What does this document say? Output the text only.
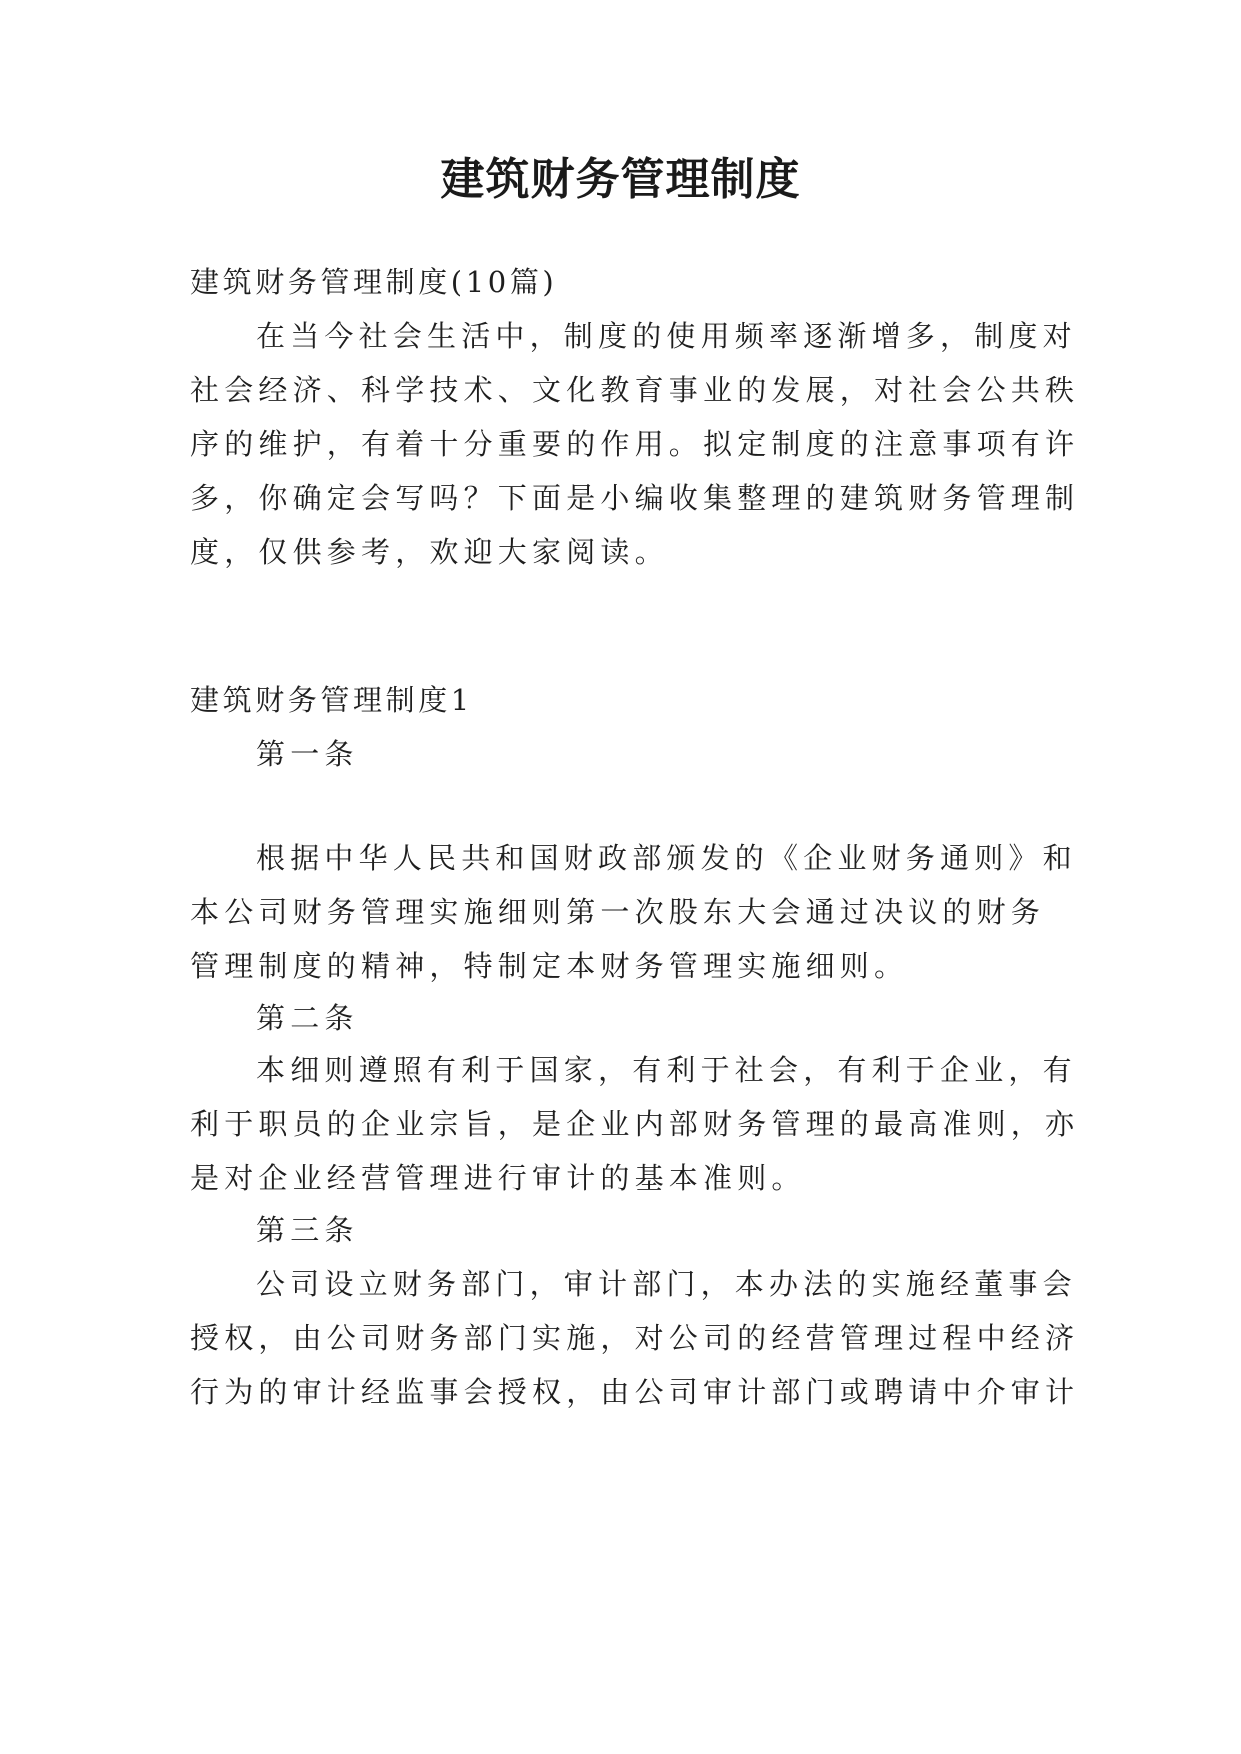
建筑财务管理制度

建筑财务管理制度(10篇)

在当今社会生活中，制度的使用频率逐渐增多，制度对

社会经济、科学技术、文化教育事业的发展，对社会公共秩

序的维护，有着十分重要的作用。拟定制度的注意事项有许

多，你确定会写吗？下面是小编收集整理的建筑财务管理制

度，仅供参考，欢迎大家阅读。

建筑财务管理制度1

第一条

根据中华人民共和国财政部颁发的《企业财务通则》和

本公司财务管理实施细则第一次股东大会通过决议的财务

管理制度的精神，特制定本财务管理实施细则。

第二条

本细则遵照有利于国家，有利于社会，有利于企业，有

利于职员的企业宗旨，是企业内部财务管理的最高准则，亦

是对企业经营管理进行审计的基本准则。

第三条

公司设立财务部门，审计部门，本办法的实施经董事会

授权，由公司财务部门实施，对公司的经营管理过程中经济

行为的审计经监事会授权，由公司审计部门或聘请中介审计
